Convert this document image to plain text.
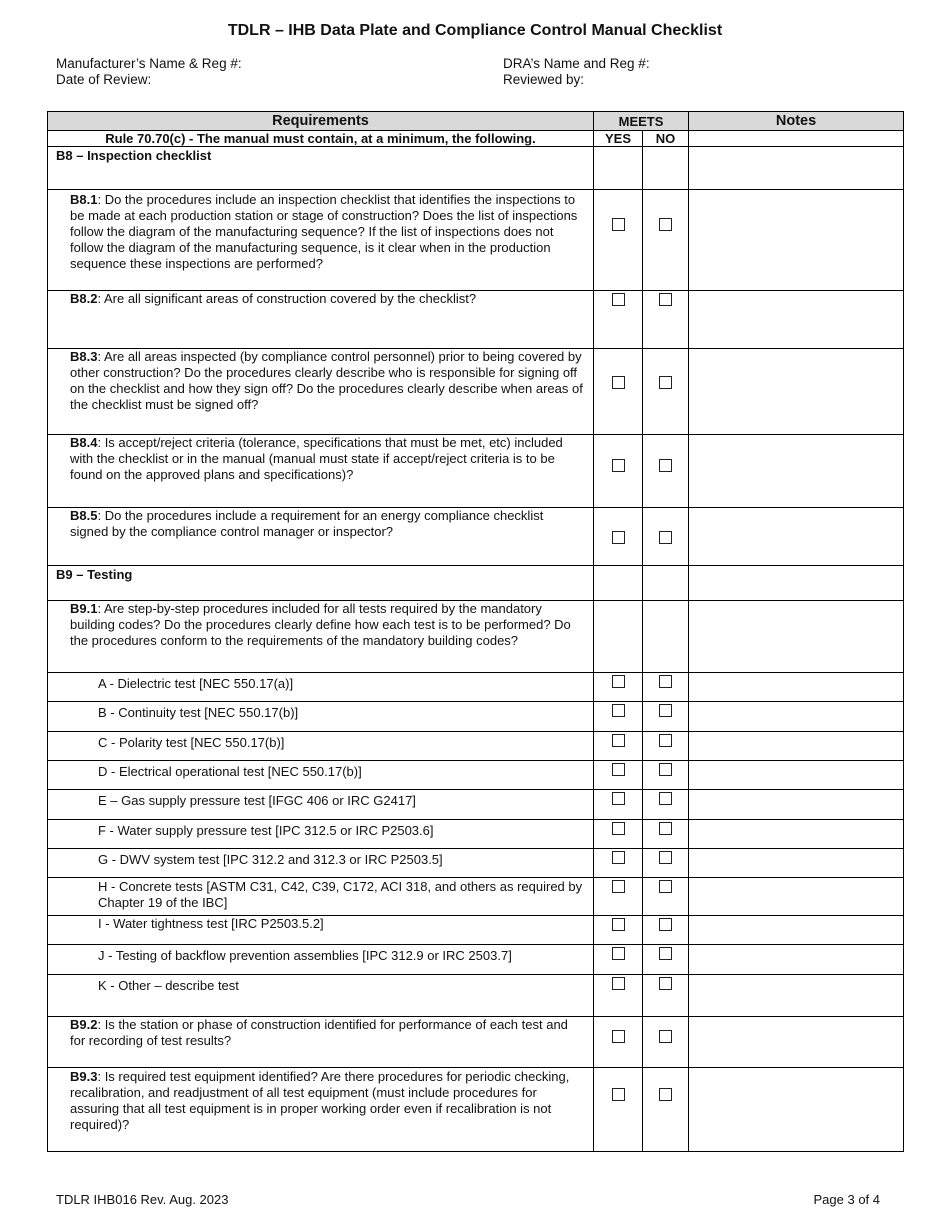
TDLR – IHB Data Plate and Compliance Control Manual Checklist
Manufacturer’s Name & Reg #:
Date of Review:
DRA’s Name and Reg #:
Reviewed by:
Requirements	MEETS		Notes
Rule 70.70(c) - The manual must contain, at a minimum, the following.	YES	NO	

B8 – Inspection checklist			

B8.1: Do the procedures include an inspection checklist that identifies the inspections to be made at each production station or stage of construction? Does the list of inspections follow the diagram of the manufacturing sequence? If the list of inspections does not follow the diagram of the manufacturing sequence, is it clear when in the production sequence these inspections are performed?			

B8.2: Are all significant areas of construction covered by the checklist?			

B8.3: Are all areas inspected (by compliance control personnel) prior to being covered by other construction? Do the procedures clearly describe who is responsible for signing off on the checklist and how they sign off? Do the procedures clearly describe when areas of the checklist must be signed off?			

B8.4: Is accept/reject criteria (tolerance, specifications that must be met, etc) included with the checklist or in the manual (manual must state if accept/reject criteria is to be found on the approved plans and specifications)?			

B8.5: Do the procedures include a requirement for an energy compliance checklist signed by the compliance control manager or inspector?			

B9 – Testing			

B9.1: Are step-by-step procedures included for all tests required by the mandatory building codes? Do the procedures clearly define how each test is to be performed? Do the procedures conform to the requirements of the mandatory building codes?			

A - Dielectric test [NEC 550.17(a)]			

B - Continuity test [NEC 550.17(b)]			

C - Polarity test [NEC 550.17(b)]			

D - Electrical operational test [NEC 550.17(b)]			

E – Gas supply pressure test [IFGC 406 or IRC G2417]			

F - Water supply pressure test [IPC 312.5 or IRC P2503.6]			

G - DWV system test [IPC 312.2 and 312.3 or IRC P2503.5]			

H - Concrete tests [ASTM C31, C42, C39, C172, ACI 318, and others as required by Chapter 19 of the IBC]			

I - Water tightness test [IRC P2503.5.2]			

J - Testing of backflow prevention assemblies [IPC 312.9 or IRC 2503.7]			

K - Other – describe test			

B9.2: Is the station or phase of construction identified for performance of each test and for recording of test results?			

B9.3: Is required test equipment identified? Are there procedures for periodic checking, recalibration, and readjustment of all test equipment (must include procedures for assuring that all test equipment is in proper working order even if recalibration is not required)?			

TDLR IHB016 Rev. Aug. 2023	Page 3 of 4
